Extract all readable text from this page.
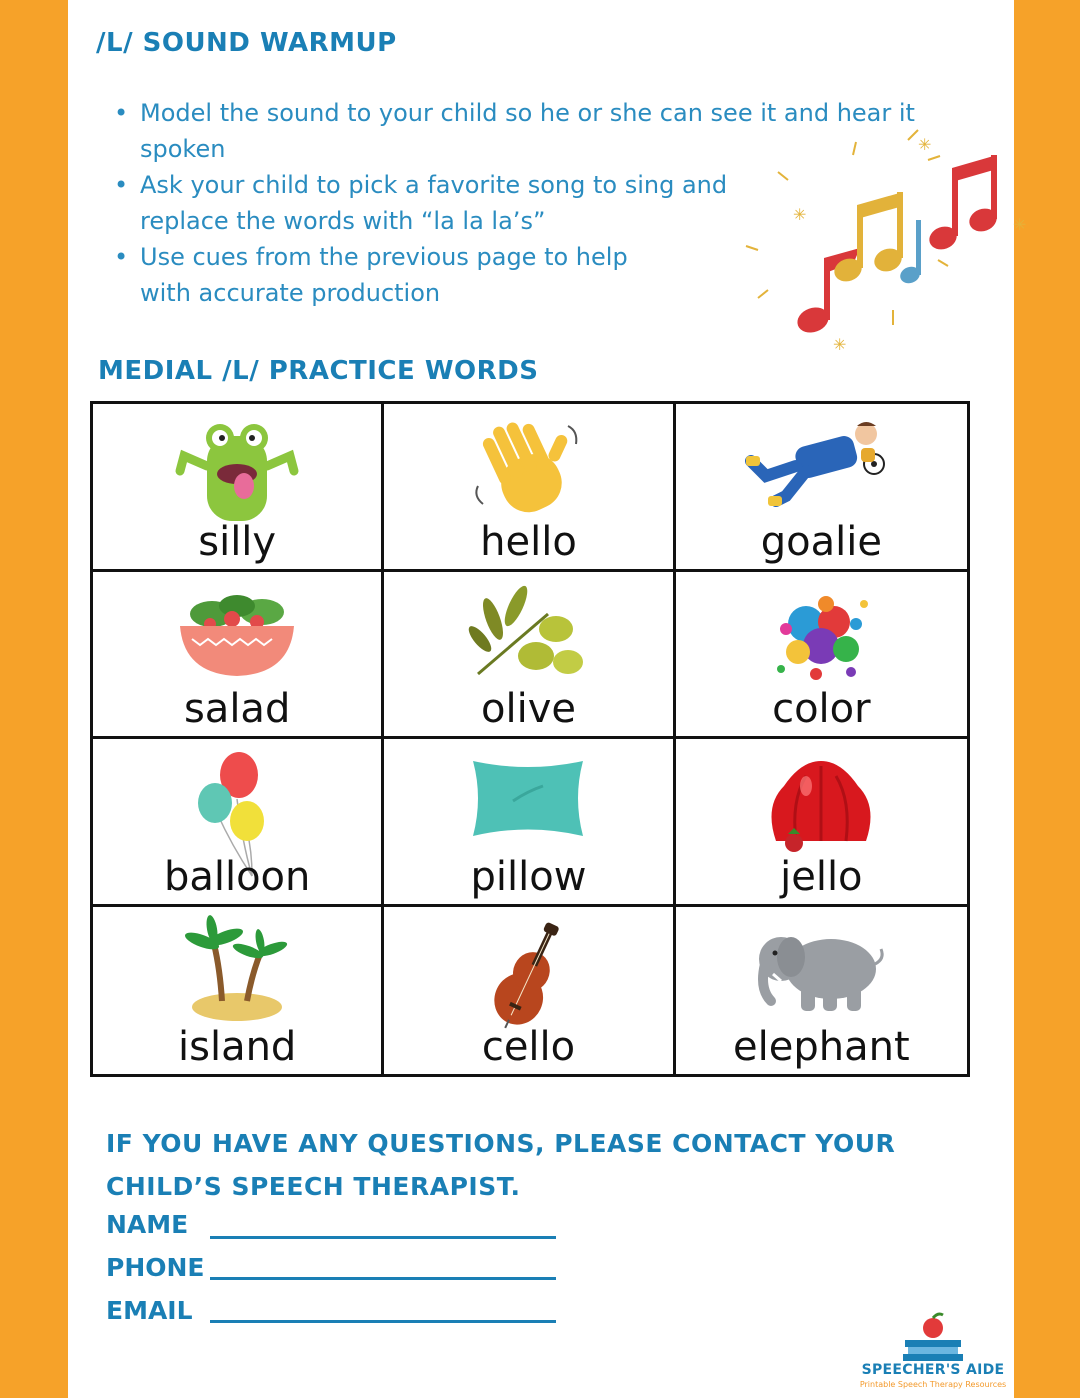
/L/ SOUND WARMUP
• Model the sound to your child so he or she can see it and hear it spoken
• Ask your child to pick a favorite song to sing and replace the words with “la la la’s”
• Use cues from the previous page to help with accurate production
✳
✳
✳
✳
MEDIAL /L/ PRACTICE WORDS
silly	hello	goalie
salad	olive	color
balloon	pillow	jello
island	cello	elephant

IF YOU HAVE ANY QUESTIONS, PLEASE CONTACT YOUR CHILD’S SPEECH THERAPIST.

NAME
PHONE
EMAIL
SPEECHER'S AIDE
Printable Speech Therapy Resources
